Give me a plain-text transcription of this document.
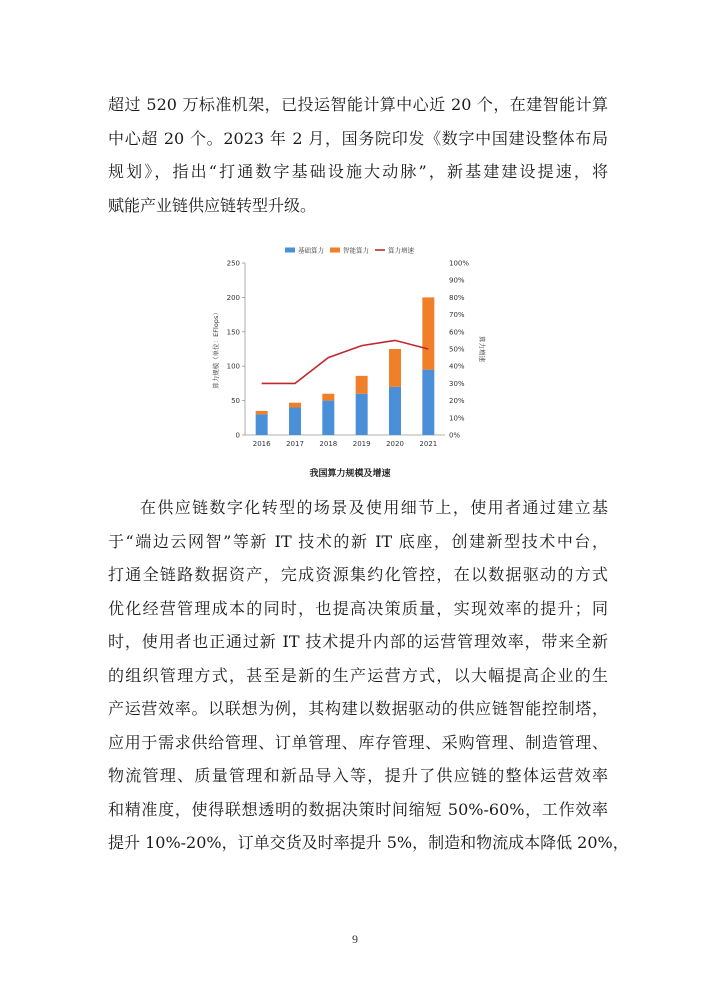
超过 520 万标准机架，已投运智能计算中心近 20 个，在建智能计算
中心超 20 个。2023 年 2 月，国务院印发《数字中国建设整体布局
规划》，指出“打通数字基础设施大动脉”，新基建建设提速，将
赋能产业链供应链转型升级。
0
50
100
150
200
250
0%
10%
20%
30%
40%
50%
60%
70%
80%
90%
100%
2016 2017 2018 2019 2020 2021
算力规模（单位：EFlops）	算力增速
基础算力	智能算力	算力增速
我国算力规模及增速
在供应链数字化转型的场景及使用细节上，使用者通过建立基
于“端边云网智”等新 IT 技术的新 IT 底座，创建新型技术中台，
打通全链路数据资产，完成资源集约化管控，在以数据驱动的方式
优化经营管理成本的同时，也提高决策质量，实现效率的提升；同
时，使用者也正通过新 IT 技术提升内部的运营管理效率，带来全新
的组织管理方式，甚至是新的生产运营方式，以大幅提高企业的生
产运营效率。以联想为例，其构建以数据驱动的供应链智能控制塔，
应用于需求供给管理、订单管理、库存管理、采购管理、制造管理、
物流管理、质量管理和新品导入等，提升了供应链的整体运营效率
和精准度，使得联想透明的数据决策时间缩短 50%-60%，工作效率
提升 10%-20%，订单交货及时率提升 5%，制造和物流成本降低 20%，
9
